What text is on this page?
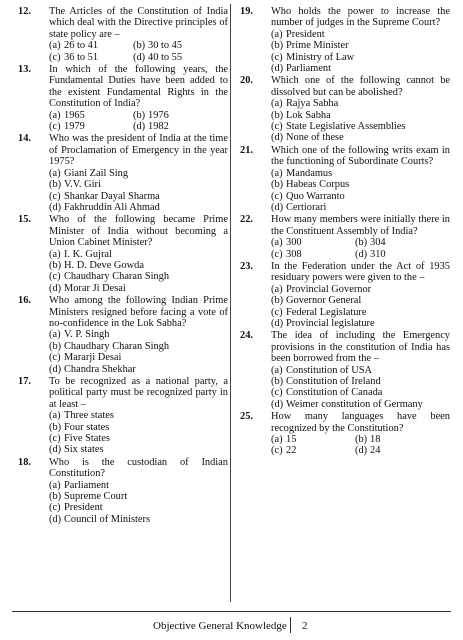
12. The Articles of the Constitution of India which deal with the Directive principles of state policy are –
(a) 26 to 41	(b) 30 to 45
(c) 36 to 51	(d) 40 to 55
13. In which of the following years, the Fundamental Duties have been added to the existent Fundamental Rights in the Constitution of India?
(a) 1965	(b) 1976
(c) 1979	(d) 1982
14. Who was the president of India at the time of Proclamation of Emergency in the year 1975?
(a) Giani Zail Sing
(b) V.V. Giri
(c) Shankar Dayal Sharma
(d) Fakhruddin Ali Ahmad
15. Who of the following became Prime Minister of India without becoming a Union Cabinet Minister?
(a) I. K. Gujral
(b) H. D. Deve Gowda
(c) Chaudhary Charan Singh
(d) Morar Ji Desai
16. Who among the following Indian Prime Ministers resigned before facing a vote of no-confidence in the Lok Sabha?
(a) V. P. Singh
(b) Chaudhary Charan Singh
(c) Mararji Desai
(d) Chandra Shekhar
17. To be recognized as a national party, a political party must be recognized party in at least –
(a) Three states
(b) Four states
(c) Five States
(d) Six states
18. Who is the custodian of Indian Constitution?
(a) Parliament
(b) Supreme Court
(c) President
(d) Council of Ministers
19. Who holds the power to increase the number of judges in the Supreme Court?
(a) President
(b) Prime Minister
(c) Ministry of Law
(d) Parliament
20. Which one of the following cannot be dissolved but can be abolished?
(a) Rajya Sabha
(b) Lok Sabha
(c) State Legislative Assemblies
(d) None of these
21. Which one of the following writs exam in the functioning of Subordinate Courts?
(a) Mandamus
(b) Habeas Corpus
(c) Quo Warranto
(d) Certiorari
22. How many members were initially there in the Constituent Assembly of India?
(a) 300	(b) 304
(c) 308	(d) 310
23. In the Federation under the Act of 1935 residuary powers were given to the –
(a) Provincial Governor
(b) Governor General
(c) Federal Legislature
(d) Provincial legislature
24. The idea of including the Emergency provisions in the constitution of India has been borrowed from the –
(a) Constitution of USA
(b) Constitution of Ireland
(c) Constitution of Canada
(d) Weimer constitution of Germany
25. How many languages have been recognized by the Constitution?
(a) 15	(b) 18
(c) 22	(d) 24
Objective General Knowledge 2
